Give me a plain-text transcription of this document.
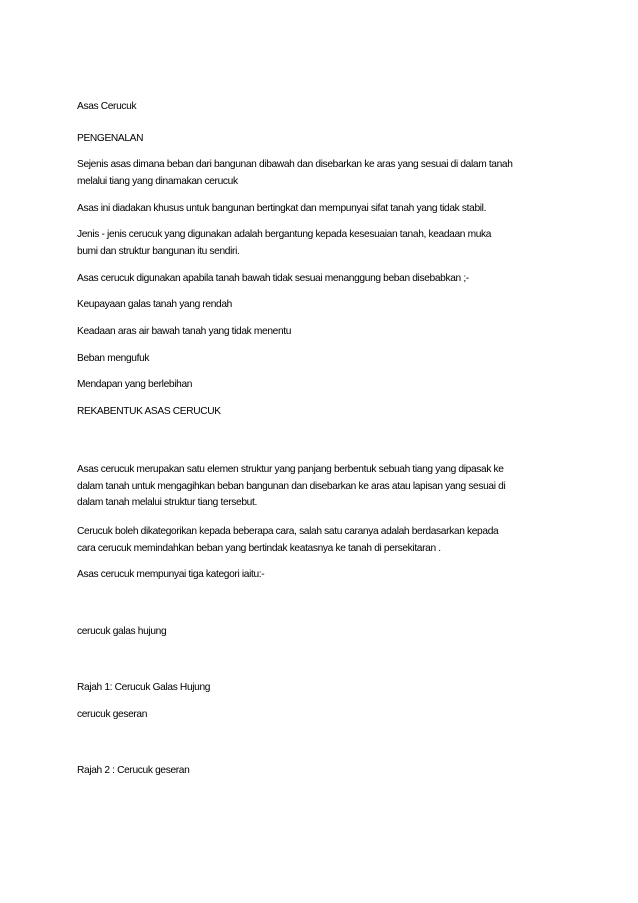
Asas Cerucuk

PENGENALAN

Sejenis asas dimana beban dari bangunan dibawah dan disebarkan ke aras yang sesuai di dalam tanah
melalui tiang yang dinamakan cerucuk

Asas ini diadakan khusus untuk bangunan bertingkat dan mempunyai sifat tanah yang tidak stabil.

Jenis - jenis cerucuk yang digunakan adalah bergantung kepada kesesuaian tanah, keadaan muka
bumi dan struktur bangunan itu sendiri.

Asas cerucuk digunakan apabila tanah bawah tidak sesuai menanggung beban disebabkan ;-

Keupayaan galas tanah yang rendah

Keadaan aras air bawah tanah yang tidak menentu

Beban mengufuk

Mendapan yang berlebihan

REKABENTUK ASAS CERUCUK

Asas cerucuk merupakan satu elemen struktur yang panjang berbentuk sebuah tiang yang dipasak ke
dalam tanah untuk mengagihkan beban bangunan dan disebarkan ke aras atau lapisan yang sesuai di
dalam tanah melalui struktur tiang tersebut.

Cerucuk boleh dikategorikan kepada beberapa cara, salah satu caranya adalah berdasarkan kepada
cara cerucuk memindahkan beban yang bertindak keatasnya ke tanah di persekitaran .

Asas cerucuk mempunyai tiga kategori iaitu:-

cerucuk galas hujung

Rajah 1: Cerucuk Galas Hujung

cerucuk geseran

Rajah 2 : Cerucuk geseran
